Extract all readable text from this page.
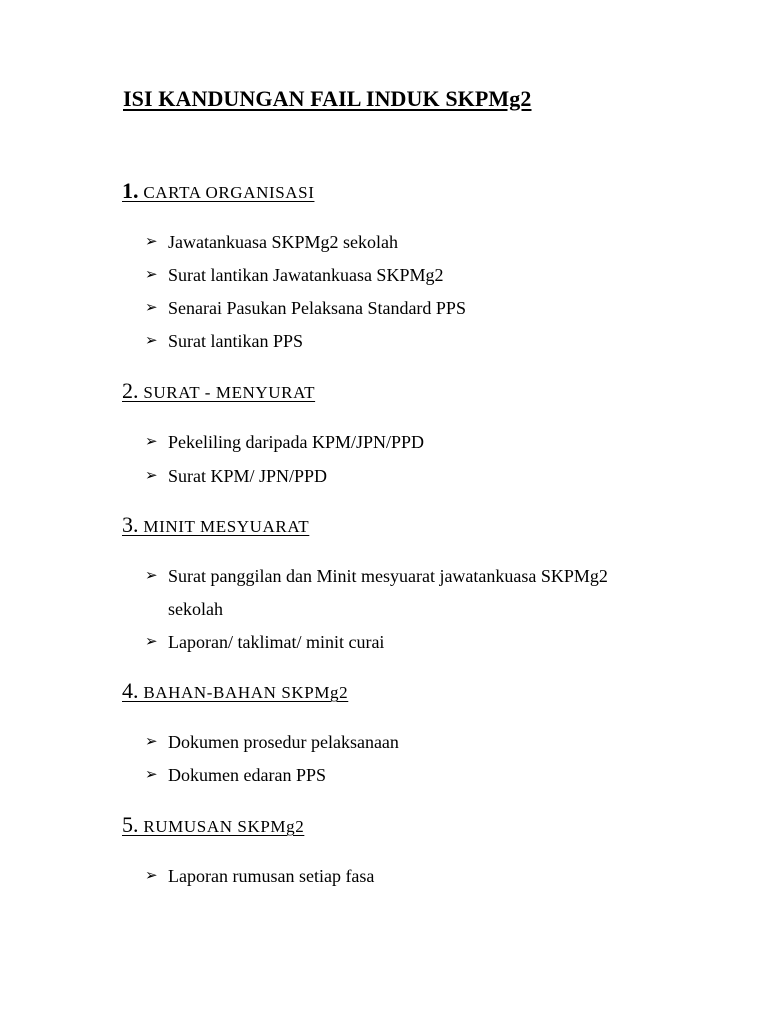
ISI KANDUNGAN FAIL INDUK SKPMg2
1. CARTA ORGANISASI
➢ Jawatankuasa SKPMg2 sekolah
➢ Surat lantikan Jawatankuasa SKPMg2
➢ Senarai Pasukan Pelaksana Standard PPS
➢ Surat lantikan PPS
2. SURAT - MENYURAT
➢ Pekeliling daripada KPM/JPN/PPD
➢ Surat KPM/ JPN/PPD
3. MINIT MESYUARAT
➢ Surat panggilan dan Minit mesyuarat jawatankuasa SKPMg2
sekolah
➢ Laporan/ taklimat/ minit curai
4. BAHAN-BAHAN SKPMg2
➢ Dokumen prosedur pelaksanaan
➢ Dokumen edaran PPS
5. RUMUSAN SKPMg2
➢ Laporan rumusan setiap fasa
